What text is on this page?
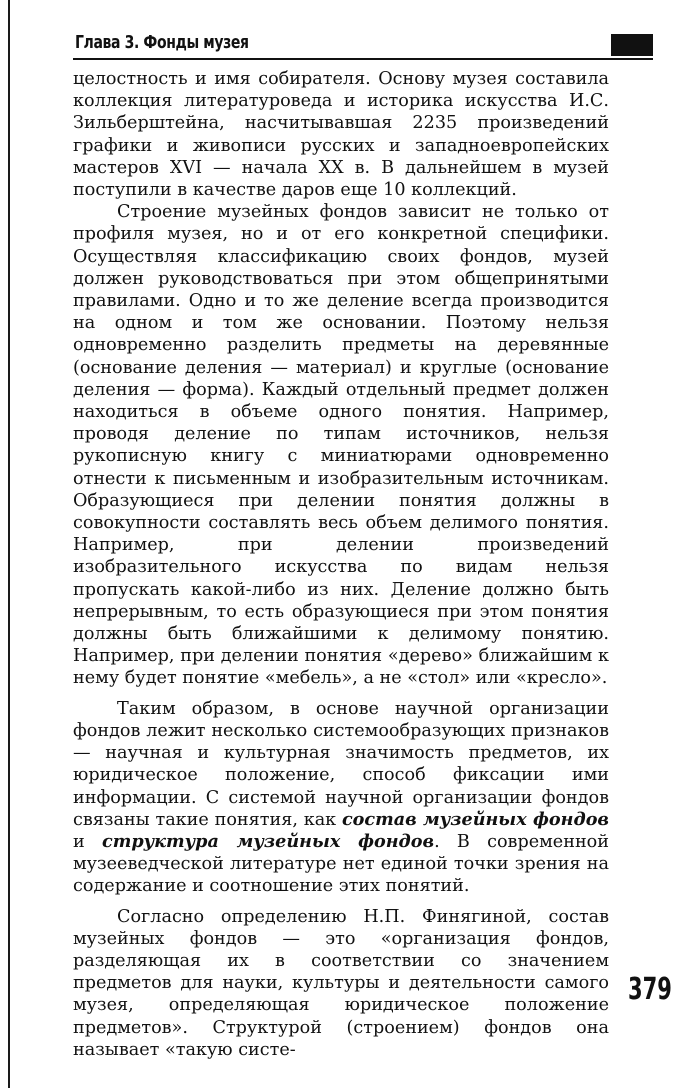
Глава 3. Фонды музея

целостность и имя собирателя. Основу музея составила коллекция литературоведа и историка искусства И.С. Зильберштейна, насчитывавшая 2235 произведений графики и живописи русских и западноевропейских мастеров XVI — начала XX в. В дальнейшем в музей поступили в качестве даров еще 10 коллекций.

Строение музейных фондов зависит не только от профиля музея, но и от его конкретной специфики. Осуществляя классификацию своих фондов, музей должен руководствоваться при этом общепринятыми правилами. Одно и то же деление всегда производится на одном и том же основании. Поэтому нельзя одновременно разделить предметы на деревянные (основание деления — материал) и круглые (основание деления — форма). Каждый отдельный предмет должен находиться в объеме одного понятия. Например, проводя деление по типам источников, нельзя рукописную книгу с миниатюрами одновременно отнести к письменным и изобразительным источникам. Образующиеся при делении понятия должны в совокупности составлять весь объем делимого понятия. Например, при делении произведений изобразительного искусства по видам нельзя пропускать какой-либо из них. Деление должно быть непрерывным, то есть образующиеся при этом понятия должны быть ближайшими к делимому понятию. Например, при делении понятия «дерево» ближайшим к нему будет понятие «мебель», а не «стол» или «кресло».

Таким образом, в основе научной организации фондов лежит несколько системообразующих признаков — научная и культурная значимость предметов, их юридическое положение, способ фиксации ими информации. С системой научной организации фондов связаны такие понятия, как состав музейных фондов и структура музейных фондов. В современной музееведческой литературе нет единой точки зрения на содержание и соотношение этих понятий.

Согласно определению Н.П. Финягиной, состав музейных фондов — это «организация фондов, разделяющая их в соответствии со значением предметов для науки, культуры и деятельности самого музея, определяющая юридическое положение предметов». Структурой (строением) фондов она называет «такую систе-

379
